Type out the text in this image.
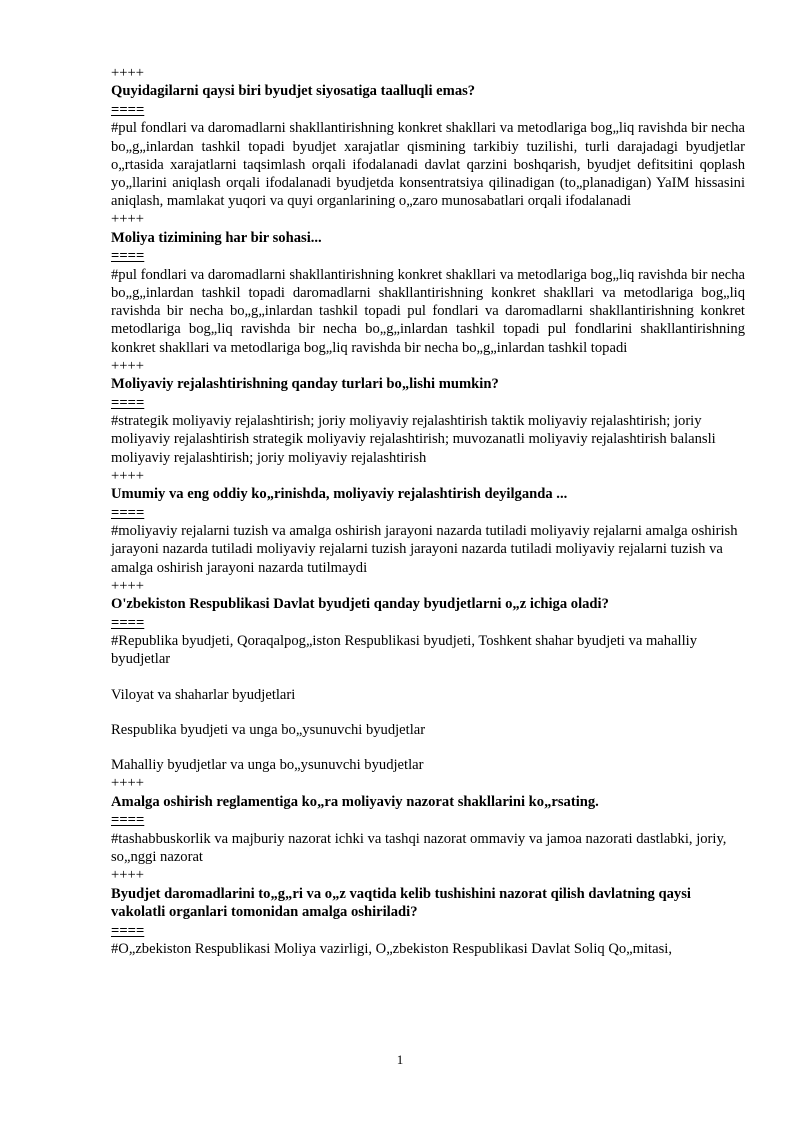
++++

Quyidagilarni qaysi biri byudjet siyosatiga taalluqli emas?

====

#pul fondlari va daromadlarni shakllantirishning konkret shakllari va metodlariga bog„liq ravishda bir necha bo„g„inlardan tashkil topadi byudjet xarajatlar qismining tarkibiy tuzilishi, turli darajadagi byudjetlar o„rtasida xarajatlarni taqsimlash orqali ifodalanadi davlat qarzini boshqarish, byudjet defitsitini qoplash yo„llarini aniqlash orqali ifodalanadi byudjetda konsentratsiya qilinadigan (to„planadigan) YaIM hissasini aniqlash, mamlakat yuqori va quyi organlarining o„zaro munosabatlari orqali ifodalanadi

++++

Moliya tizimining har bir sohasi...

====

#pul fondlari va daromadlarni shakllantirishning konkret shakllari va metodlariga bog„liq ravishda bir necha bo„g„inlardan tashkil topadi daromadlarni shakllantirishning konkret shakllari va metodlariga bog„liq ravishda bir necha bo„g„inlardan tashkil topadi pul fondlari va daromadlarni shakllantirishning konkret metodlariga bog„liq ravishda bir necha bo„g„inlardan tashkil topadi pul fondlarini shakllantirishning konkret shakllari va metodlariga bog„liq ravishda bir necha bo„g„inlardan tashkil topadi

++++

Moliyaviy rejalashtirishning qanday turlari bo„lishi mumkin?

====

#strategik moliyaviy rejalashtirish; joriy moliyaviy rejalashtirish taktik moliyaviy rejalashtirish; joriy moliyaviy rejalashtirish strategik moliyaviy rejalashtirish; muvozanatli moliyaviy rejalashtirish balansli moliyaviy rejalashtirish; joriy moliyaviy rejalashtirish

++++

Umumiy va eng oddiy ko„rinishda, moliyaviy rejalashtirish deyilganda ...

====

#moliyaviy rejalarni tuzish va amalga oshirish jarayoni nazarda tutiladi moliyaviy rejalarni amalga oshirish jarayoni nazarda tutiladi moliyaviy rejalarni tuzish jarayoni nazarda tutiladi moliyaviy rejalarni tuzish va amalga oshirish jarayoni nazarda tutilmaydi

++++

O'zbekiston Respublikasi Davlat byudjeti qanday byudjetlarni o„z ichiga oladi?

====

#Republika byudjeti, Qoraqalpog„iston Respublikasi byudjeti, Toshkent shahar byudjeti va mahalliy byudjetlar

Viloyat va shaharlar byudjetlari

Respublika byudjeti va unga bo„ysunuvchi byudjetlar

Mahalliy byudjetlar va unga bo„ysunuvchi byudjetlar

++++

Amalga oshirish reglamentiga ko„ra moliyaviy nazorat shakllarini ko„rsating.

====

#tashabbuskorlik va majburiy nazorat ichki va tashqi nazorat ommaviy va jamoa nazorati dastlabki, joriy, so„nggi nazorat

++++

Byudjet daromadlarini to„g„ri va o„z vaqtida kelib tushishini nazorat qilish davlatning qaysi vakolatli organlari tomonidan amalga oshiriladi?

====

#O„zbekiston Respublikasi Moliya vazirligi, O„zbekiston Respublikasi Davlat Soliq Qo„mitasi,

1
